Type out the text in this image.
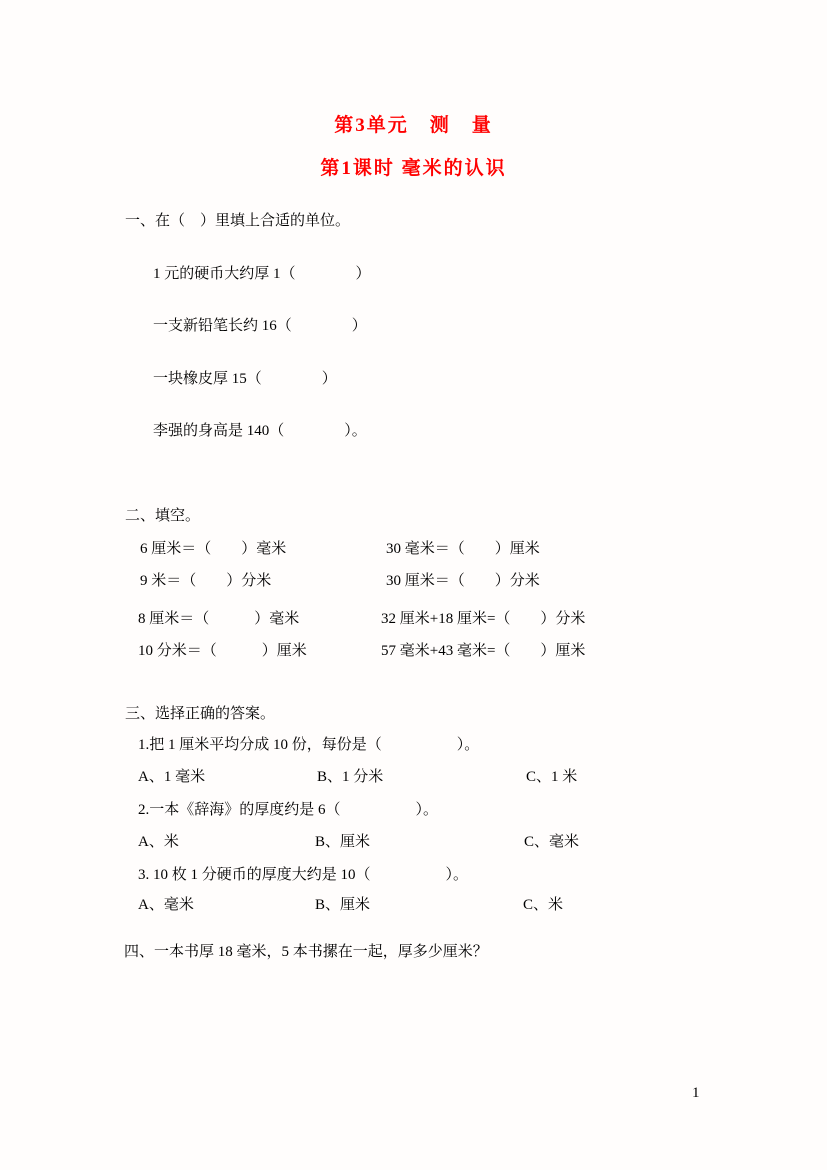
第3单元　测　量
第1课时 毫米的认识
一、在（　）里填上合适的单位。
1 元的硬币大约厚 1（　　　　）
一支新铅笔长约 16（　　　　）
一块橡皮厚 15（　　　　）
李强的身高是 140（　　　　）。
二、填空。
6 厘米＝（　　）毫米	30 毫米＝（　　）厘米
9 米＝（　　）分米	30 厘米＝（　　）分米
8 厘米＝（　　　）毫米	32 厘米+18 厘米=（　　）分米
10 分米＝（　　　）厘米	57 毫米+43 毫米=（　　）厘米
三、选择正确的答案。
1.把 1 厘米平均分成 10 份，每份是（　　　　　）。
A、1 毫米	B、1 分米	C、1 米
2.一本《辞海》的厚度约是 6（　　　　　）。
A、米	B、厘米	C、毫米
3. 10 枚 1 分硬币的厚度大约是 10（　　　　　）。
A、毫米	B、厘米	C、米
四、一本书厚 18 毫米，5 本书摞在一起，厚多少厘米？
1
